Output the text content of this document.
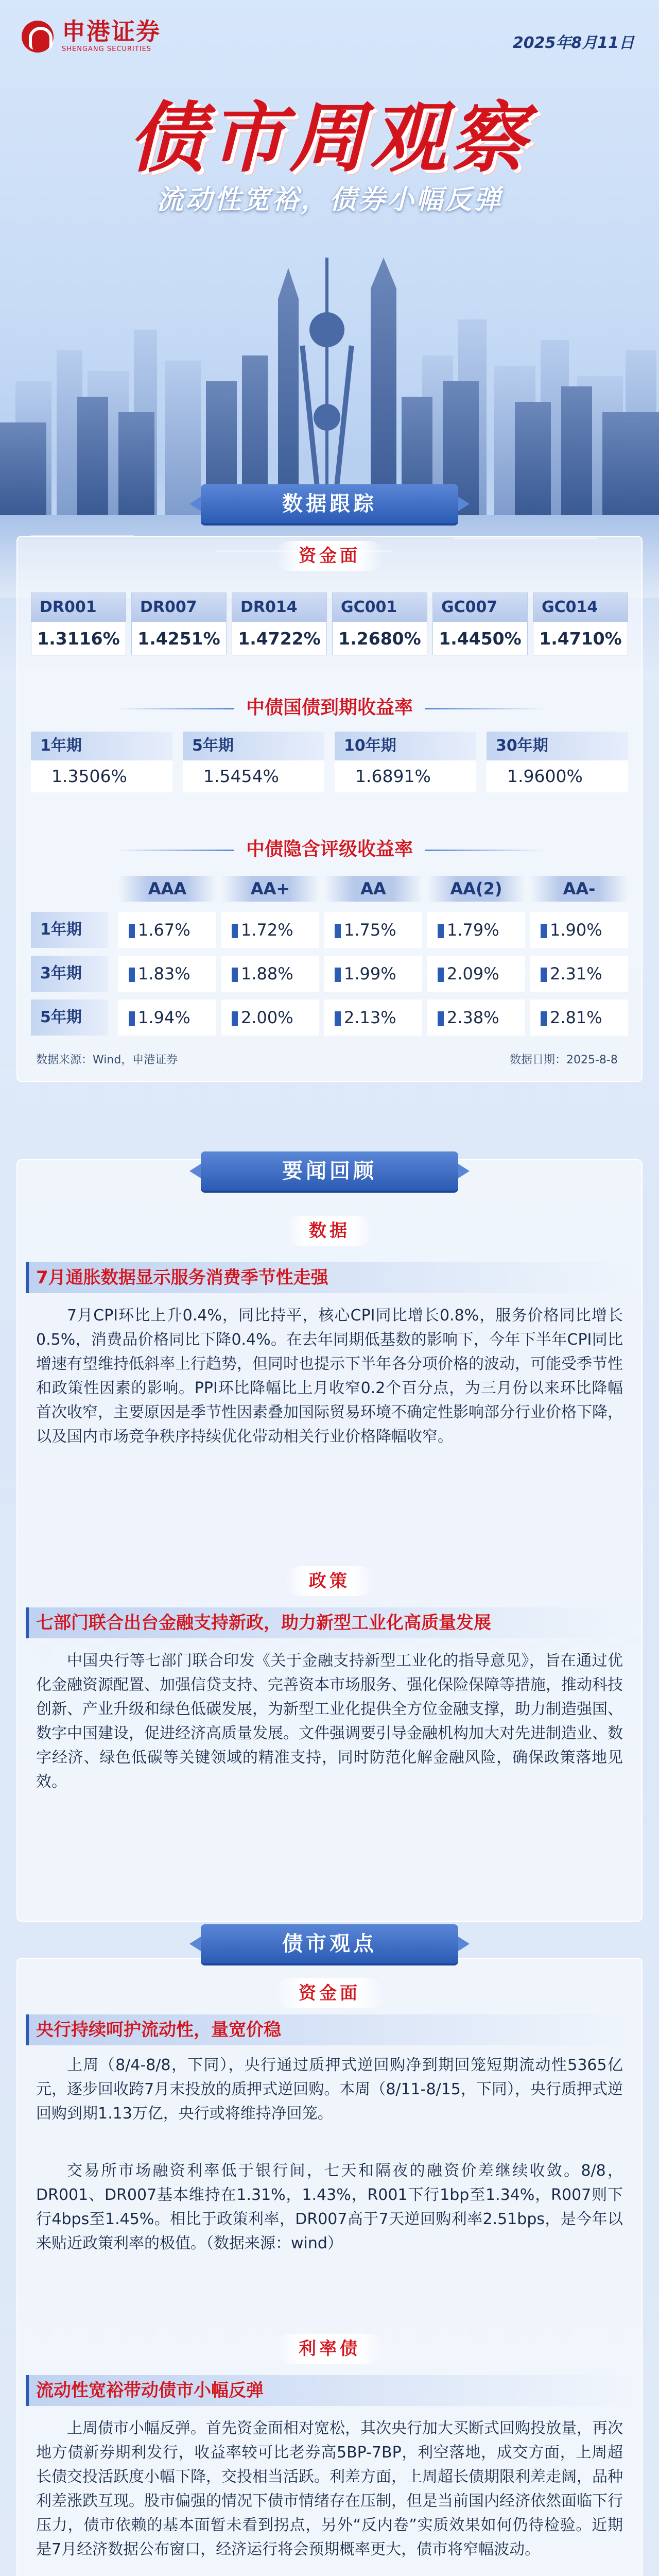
申港证券
SHENGANG SECURITIES	2025年8月11日
债市周观察
流动性宽裕，债券小幅反弹
数据跟踪
资金面
DR001
1.3116%
DR007
1.4251%
DR014
1.4722%
GC001
1.2680%
GC007
1.4450%
GC014
1.4710%
中债国债到期收益率
1年期
1.3506%
5年期
1.5454%
10年期
1.6891%
30年期
1.9600%
中债隐含评级收益率
AAA	AA+	AA	AA(2)	AA-
1年期	1.67%	1.72%	1.75%	1.79%	1.90%
3年期	1.83%	1.88%	1.99%	2.09%	2.31%
5年期	1.94%	2.00%	2.13%	2.38%	2.81%
数据来源：Wind，申港证券	数据日期：2025-8-8
要闻回顾
数据
7月通胀数据显示服务消费季节性走强
7月CPI环比上升0.4%，同比持平，核心CPI同比增长0.8%，服务价格同比增长0.5%，消费品价格同比下降0.4%。在去年同期低基数的影响下，今年下半年CPI同比增速有望维持低斜率上行趋势，但同时也提示下半年各分项价格的波动，可能受季节性和政策性因素的影响。PPI环比降幅比上月收窄0.2个百分点，为三月份以来环比降幅首次收窄，主要原因是季节性因素叠加国际贸易环境不确定性影响部分行业价格下降，以及国内市场竞争秩序持续优化带动相关行业价格降幅收窄。
政策
七部门联合出台金融支持新政，助力新型工业化高质量发展
中国央行等七部门联合印发《关于金融支持新型工业化的指导意见》，旨在通过优化金融资源配置、加强信贷支持、完善资本市场服务、强化保险保障等措施，推动科技创新、产业升级和绿色低碳发展，为新型工业化提供全方位金融支撑，助力制造强国、数字中国建设，促进经济高质量发展。文件强调要引导金融机构加大对先进制造业、数字经济、绿色低碳等关键领域的精准支持，同时防范化解金融风险，确保政策落地见效。
债市观点
资金面
央行持续呵护流动性，量宽价稳
上周（8/4-8/8，下同），央行通过质押式逆回购净到期回笼短期流动性5365亿元，逐步回收跨7月末投放的质押式逆回购。本周（8/11-8/15，下同），央行质押式逆回购到期1.13万亿，央行或将维持净回笼。
交易所市场融资利率低于银行间，七天和隔夜的融资价差继续收敛。8/8，DR001、DR007基本维持在1.31%，1.43%，R001下行1bp至1.34%，R007则下行4bps至1.45%。相比于政策利率，DR007高于7天逆回购利率2.51bps，是今年以来贴近政策利率的极值。（数据来源：wind）
利率债
流动性宽裕带动债市小幅反弹
上周债市小幅反弹。首先资金面相对宽松，其次央行加大买断式回购投放量，再次地方债新券期利发行，收益率较可比老券高5BP-7BP，利空落地，成交方面，上周超长债交投活跃度小幅下降，交投相当活跃。利差方面，上周超长债期限利差走阔，品种利差涨跌互现。股市偏强的情况下债市情绪存在压制，但是当前国内经济依然面临下行压力，债市依赖的基本面暂未看到拐点，另外“反内卷”实质效果如何仍待检验。近期是7月经济数据公布窗口，经济运行将会预期概率更大，债市将窄幅波动。
